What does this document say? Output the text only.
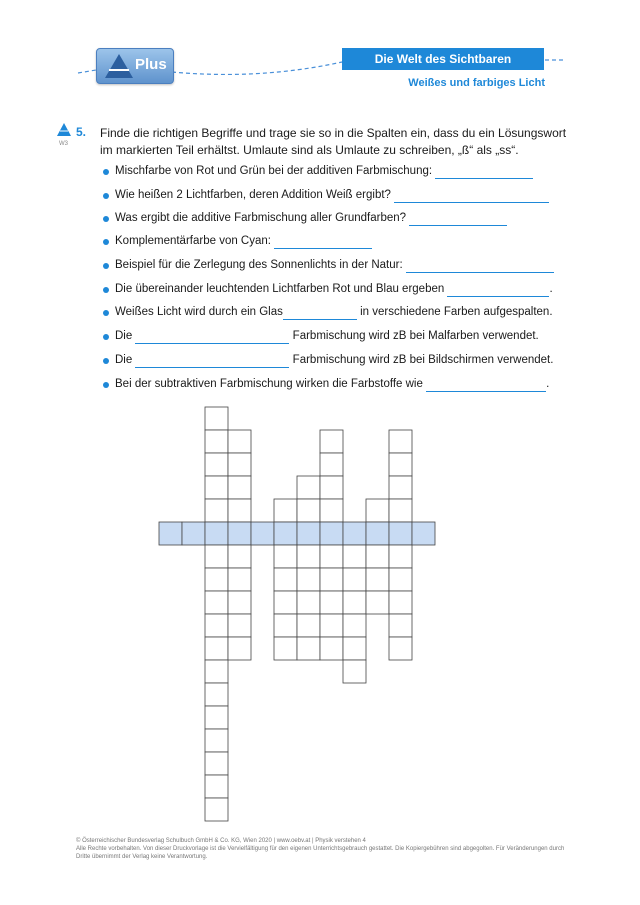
Plus	Die Welt des Sichtbaren
Weißes und farbiges Licht
W3
5. Finde die richtigen Begriffe und trage sie so in die Spalten ein, dass du ein Lösungswort im markierten Teil erhältst. Umlaute sind als Umlaute zu schreiben, „ß“ als „ss“.
Mischfarbe von Rot und Grün bei der additiven Farbmischung:
Wie heißen 2 Lichtfarben, deren Addition Weiß ergibt?
Was ergibt die additive Farbmischung aller Grundfarben?
Komplementärfarbe von Cyan:
Beispiel für die Zerlegung des Sonnenlichts in der Natur:
Die übereinander leuchtenden Lichtfarben Rot und Blau ergeben	.
Weißes Licht wird durch ein Glas	in verschiedene Farben aufgespalten.
Die	Farbmischung wird zB bei Malfarben verwendet.
Die	Farbmischung wird zB bei Bildschirmen verwendet.
Bei der subtraktiven Farbmischung wirken die Farbstoffe wie	.
© Österreichischer Bundesverlag Schulbuch GmbH & Co. KG, Wien 2020 | www.oebv.at | Physik verstehen 4
Alle Rechte vorbehalten. Von dieser Druckvorlage ist die Vervielfältigung für den eigenen Unterrichtsgebrauch gestattet. Die Kopiergebühren sind abgegolten. Für Veränderungen durch Dritte übernimmt der Verlag keine Verantwortung.
